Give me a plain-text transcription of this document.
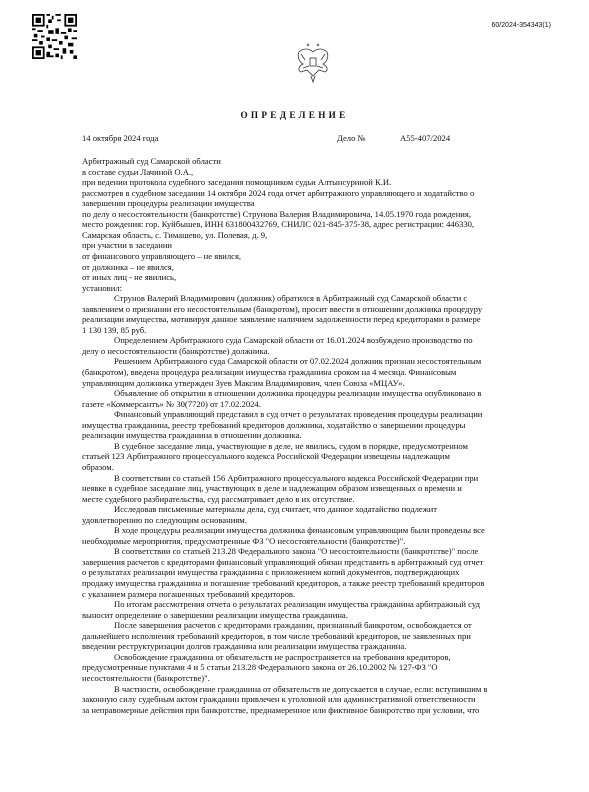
60/2024-354343(1)
ОПРЕДЕЛЕНИЕ
14 октября 2024 года	Дело №	А55-407/2024
Арбитражный суд Самарской области
в составе судьи Лачиной О.А.,
при ведении протокола судебного заседания помощником судьи Алтынсуриной К.И.
рассмотрев в судебном заседании 14 октября 2024 года отчет арбитражного управляющего и ходатайство о
завершении процедуры реализации имущества
по делу о несостоятельности (банкротстве) Струнова Валерия Владимировича, 14.05.1970 года рождения,
место рождения: гор. Куйбышев, ИНН 631800432769, СНИЛС 021-845-375-38, адрес регистрации: 446330,
Самарская область, с. Тимашево, ул. Полевая, д. 9,
при участии в заседании
от финансового управляющего – не явился,
от должника – не явился,
от иных лиц - не явились,
установил:
Струнов Валерий Владимирович (должник) обратился в Арбитражный суд Самарской области с
заявлением о признании его несостоятельным (банкротом), просит ввести в отношении должника процедуру
реализации имущества, мотивируя данное заявление наличием задолженности перед кредиторами в размере
1 130 139, 85 руб.
Определением Арбитражного суда Самарской области от 16.01.2024 возбуждено производство по
делу о несостоятельности (банкротстве) должника.
Решением Арбитражного суда Самарской области от 07.02.2024 должник признан несостоятельным
(банкротом), введена процедура реализации имущества гражданина сроком на 4 месяца. Финансовым
управляющим должника утвержден Зуев Максим Владимирович, член Союза «МЦАУ».
Объявление об открытии в отношении должника процедуры реализации имущества опубликовано в
газете «Коммерсантъ» № 30(7720) от 17.02.2024.
Финансовый управляющий представил в суд отчет о результатах проведения процедуры реализации
имущества гражданина, реестр требований кредиторов должника, ходатайство о завершении процедуры
реализации имущества гражданина в отношении должника.
В судебное заседание лица, участвующие в деле, не явились, судом в порядке, предусмотренном
статьей 123 Арбитражного процессуального кодекса Российской Федерации извещены надлежащим
образом.
В соответствии со статьей 156 Арбитражного процессуального кодекса Российской Федерации при
неявке в судебное заседание лиц, участвующих в деле и надлежащим образом извещенных о времени и
месте судебного разбирательства, суд рассматривает дело в их отсутствие.
Исследовав письменные материалы дела, суд считает, что данное ходатайство подлежит
удовлетворению по следующим основаниям.
В ходе процедуры реализации имущества должника финансовым управляющим были проведены все
необходимые мероприятия, предусмотренные ФЗ "О несостоятельности (банкротстве)".
В соответствии со статьей 213.28 Федерального закона "О несостоятельности (банкротстве)" после
завершения расчетов с кредиторами финансовый управляющий обязан представить в арбитражный суд отчет
о результатах реализации имущества гражданина с приложением копий документов, подтверждающих
продажу имущества гражданина и погашение требований кредиторов, а также реестр требований кредиторов
с указанием размера погашенных требований кредиторов.
По итогам рассмотрения отчета о результатах реализации имущества гражданина арбитражный суд
выносит определение о завершении реализации имущества гражданина.
После завершения расчетов с кредиторами гражданин, признанный банкротом, освобождается от
дальнейшего исполнения требований кредиторов, в том числе требований кредиторов, не заявленных при
введении реструктуризации долгов гражданина или реализации имущества гражданина.
Освобождение гражданина от обязательств не распространяется на требования кредиторов,
предусмотренные пунктами 4 и 5 статьи 213.28 Федерального закона от 26.10.2002 № 127-ФЗ "О
несостоятельности (банкротстве)".
В частности, освобождение гражданина от обязательств не допускается в случае, если: вступившим в
законную силу судебным актом гражданин привлечен к уголовной или административной ответственности
за неправомерные действия при банкротстве, преднамеренное или фиктивное банкротство при условии, что
